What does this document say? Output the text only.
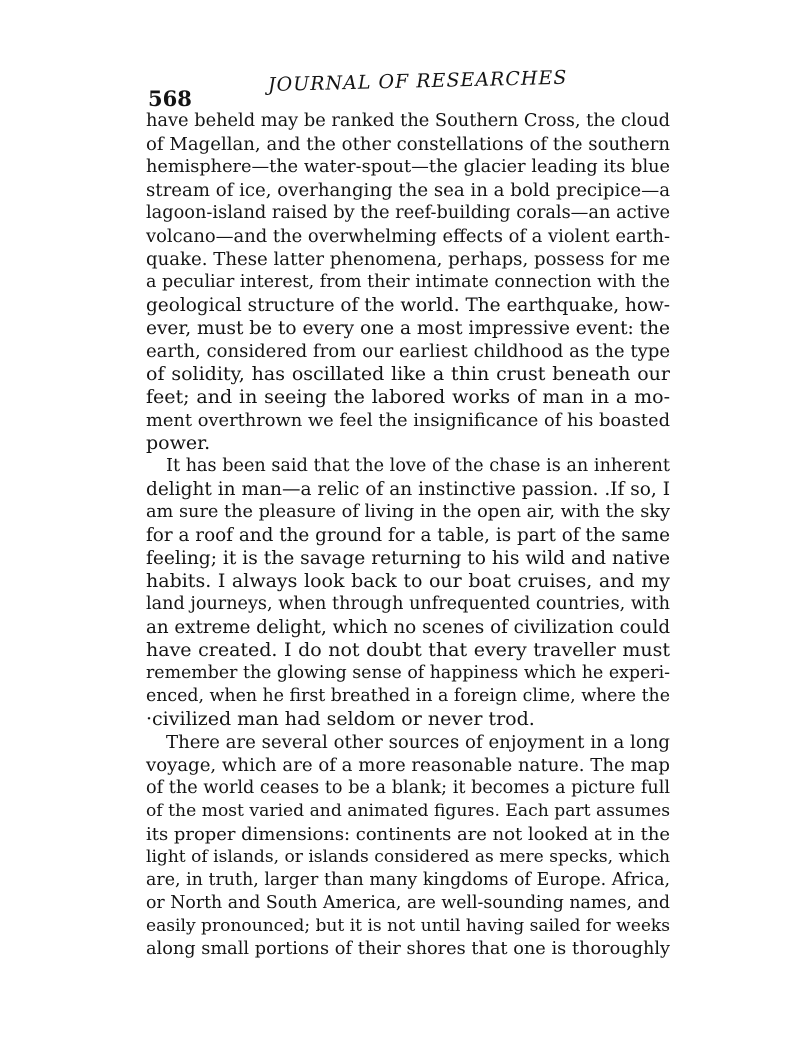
568
JOURNAL OF RESEARCHES
have beheld may be ranked the Southern Cross, the cloud
of Magellan, and the other constellations of the southern
hemisphere—the water-spout—the glacier leading its blue
stream of ice, overhanging the sea in a bold precipice—a
lagoon-island raised by the reef-building corals—an active
volcano—and the overwhelming effects of a violent earth-
quake. These latter phenomena, perhaps, possess for me
a peculiar interest, from their intimate connection with the
geological structure of the world. The earthquake, how-
ever, must be to every one a most impressive event: the
earth, considered from our earliest childhood as the type
of solidity, has oscillated like a thin crust beneath our
feet; and in seeing the labored works of man in a mo-
ment overthrown we feel the insignificance of his boasted
power.
It has been said that the love of the chase is an inherent
delight in man—a relic of an instinctive passion. .If so, I
am sure the pleasure of living in the open air, with the sky
for a roof and the ground for a table, is part of the same
feeling; it is the savage returning to his wild and native
habits. I always look back to our boat cruises, and my
land journeys, when through unfrequented countries, with
an extreme delight, which no scenes of civilization could
have created. I do not doubt that every traveller must
remember the glowing sense of happiness which he experi-
enced, when he first breathed in a foreign clime, where the
·civilized man had seldom or never trod.
There are several other sources of enjoyment in a long
voyage, which are of a more reasonable nature. The map
of the world ceases to be a blank; it becomes a picture full
of the most varied and animated figures. Each part assumes
its proper dimensions: continents are not looked at in the
light of islands, or islands considered as mere specks, which
are, in truth, larger than many kingdoms of Europe. Africa,
or North and South America, are well-sounding names, and
easily pronounced; but it is not until having sailed for weeks
along small portions of their shores that one is thoroughly
